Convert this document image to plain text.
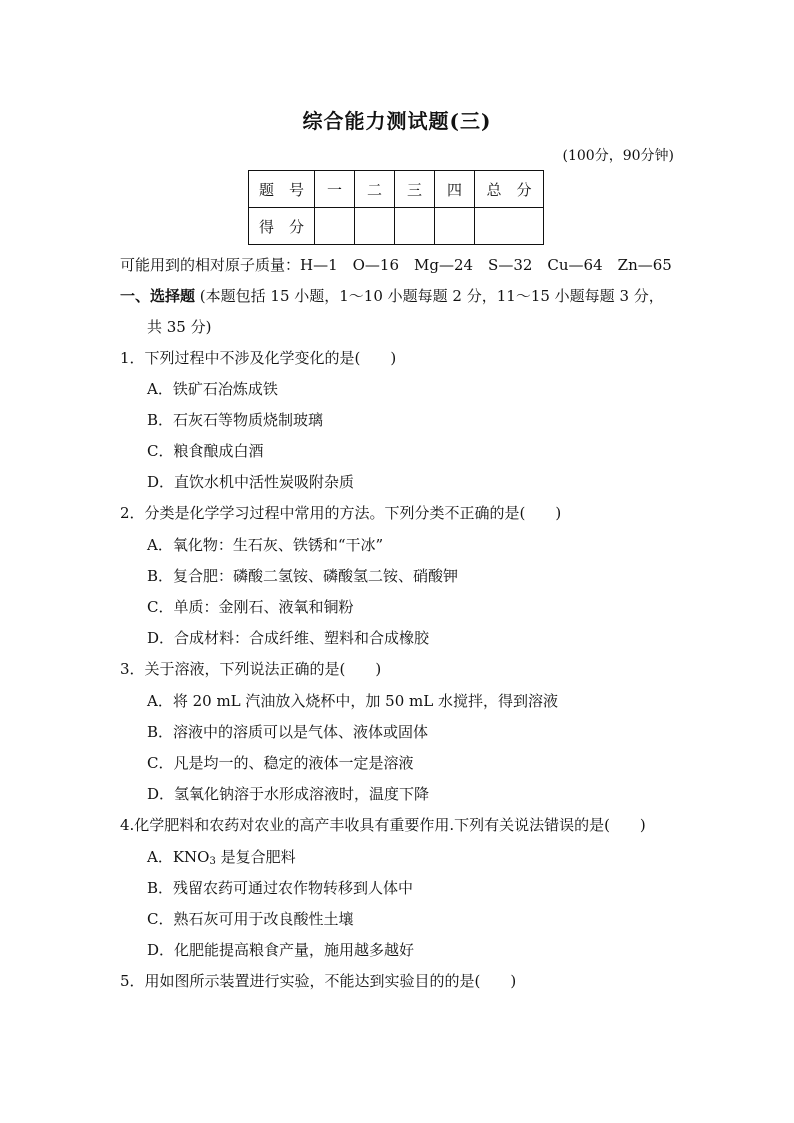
综合能力测试题(三)
(100分，90分钟)
题　号	一	二	三	四	总　分
得　分					
可能用到的相对原子质量：H—1　O—16　Mg—24　S—32　Cu—64　Zn—65
一、选择题 (本题包括 15 小题，1～10 小题每题 2 分，11～15 小题每题 3 分，
共 35 分)
1．下列过程中不涉及化学变化的是(　　)
A．铁矿石冶炼成铁
B．石灰石等物质烧制玻璃
C．粮食酿成白酒
D．直饮水机中活性炭吸附杂质
2．分类是化学学习过程中常用的方法。下列分类不正确的是(　　)
A．氧化物：生石灰、铁锈和“干冰”
B．复合肥：磷酸二氢铵、磷酸氢二铵、硝酸钾
C．单质：金刚石、液氧和铜粉
D．合成材料：合成纤维、塑料和合成橡胶
3．关于溶液，下列说法正确的是(　　)
A．将 20 mL 汽油放入烧杯中，加 50 mL 水搅拌，得到溶液
B．溶液中的溶质可以是气体、液体或固体
C．凡是均一的、稳定的液体一定是溶液
D．氢氧化钠溶于水形成溶液时，温度下降
4.化学肥料和农药对农业的高产丰收具有重要作用.下列有关说法错误的是(　　)
A．$KNO_3$ 是复合肥料
B．残留农药可通过农作物转移到人体中
C．熟石灰可用于改良酸性土壤
D．化肥能提高粮食产量，施用越多越好
5．用如图所示装置进行实验，不能达到实验目的的是(　　)
